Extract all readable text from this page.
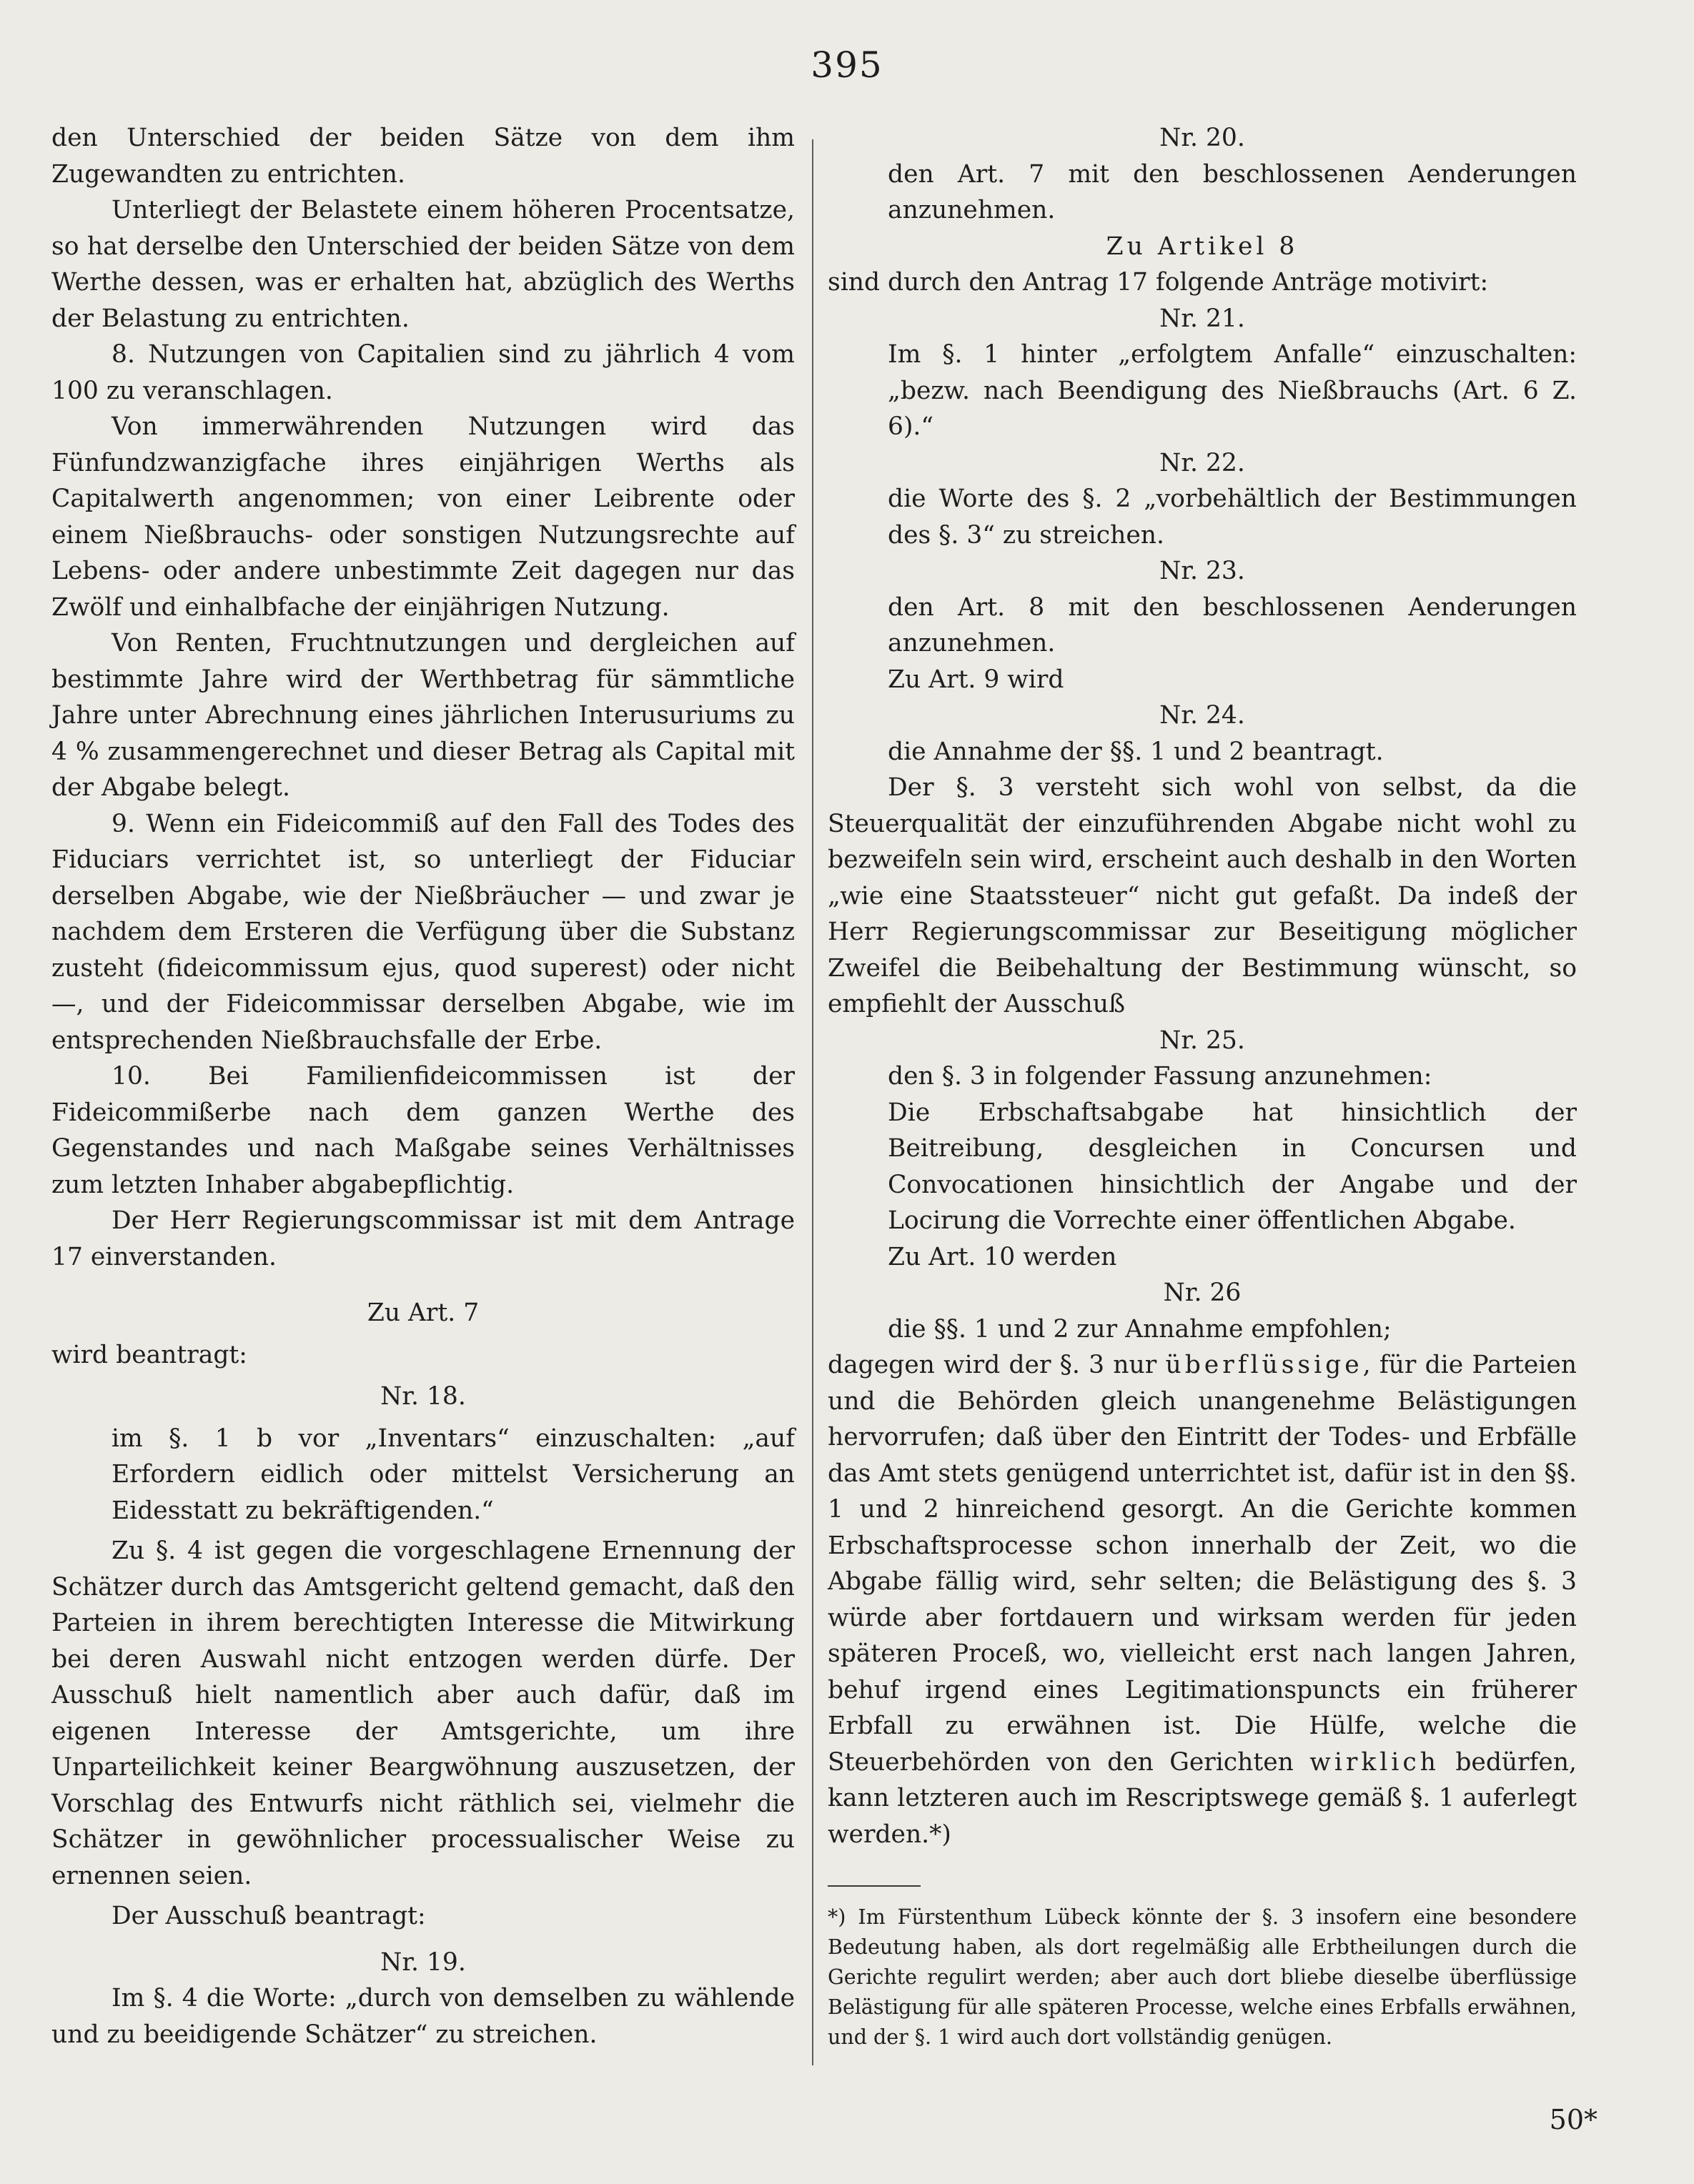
395

den Unterschied der beiden Sätze von dem ihm Zugewandten zu entrichten.

Unterliegt der Belastete einem höheren Procentsatze, so hat derselbe den Unterschied der beiden Sätze von dem Werthe dessen, was er erhalten hat, abzüglich des Werths der Belastung zu entrichten.

8. Nutzungen von Capitalien sind zu jährlich 4 vom 100 zu veranschlagen.

Von immerwährenden Nutzungen wird das Fünfundzwanzigfache ihres einjährigen Werths als Capitalwerth angenommen; von einer Leibrente oder einem Nießbrauchs- oder sonstigen Nutzungsrechte auf Lebens- oder andere unbestimmte Zeit dagegen nur das Zwölf und einhalbfache der einjährigen Nutzung.

Von Renten, Fruchtnutzungen und dergleichen auf bestimmte Jahre wird der Werthbetrag für sämmtliche Jahre unter Abrechnung eines jährlichen Interusuriums zu 4 % zusammengerechnet und dieser Betrag als Capital mit der Abgabe belegt.

9. Wenn ein Fideicommiß auf den Fall des Todes des Fiduciars verrichtet ist, so unterliegt der Fiduciar derselben Abgabe, wie der Nießbräucher — und zwar je nachdem dem Ersteren die Verfügung über die Substanz zusteht (fideicommissum ejus, quod superest) oder nicht —, und der Fideicommissar derselben Abgabe, wie im entsprechenden Nießbrauchsfalle der Erbe.

10. Bei Familienfideicommissen ist der Fideicommißerbe nach dem ganzen Werthe des Gegenstandes und nach Maßgabe seines Verhältnisses zum letzten Inhaber abgabepflichtig.

Der Herr Regierungscommissar ist mit dem Antrage 17 einverstanden.

Zu Art. 7

wird beantragt:

Nr. 18.

im §. 1 b vor „Inventars“ einzuschalten: „auf Erfordern eidlich oder mittelst Versicherung an Eidesstatt zu bekräftigenden.“

Zu §. 4 ist gegen die vorgeschlagene Ernennung der Schätzer durch das Amtsgericht geltend gemacht, daß den Parteien in ihrem berechtigten Interesse die Mitwirkung bei deren Auswahl nicht entzogen werden dürfe. Der Ausschuß hielt namentlich aber auch dafür, daß im eigenen Interesse der Amtsgerichte, um ihre Unparteilichkeit keiner Beargwöhnung auszusetzen, der Vorschlag des Entwurfs nicht räthlich sei, vielmehr die Schätzer in gewöhnlicher processualischer Weise zu ernennen seien.

Der Ausschuß beantragt:

Nr. 19.

Im §. 4 die Worte: „durch von demselben zu wählende und zu beeidigende Schätzer“ zu streichen.

Nr. 20.

den Art. 7 mit den beschlossenen Aenderungen anzunehmen.

Zu Artikel 8

sind durch den Antrag 17 folgende Anträge motivirt:

Nr. 21.

Im §. 1 hinter „erfolgtem Anfalle“ einzuschalten: „bezw. nach Beendigung des Nießbrauchs (Art. 6 Z. 6).“

Nr. 22.

die Worte des §. 2 „vorbehältlich der Bestimmungen des §. 3“ zu streichen.

Nr. 23.

den Art. 8 mit den beschlossenen Aenderungen anzunehmen.

Zu Art. 9 wird

Nr. 24.

die Annahme der §§. 1 und 2 beantragt.

Der §. 3 versteht sich wohl von selbst, da die Steuerqualität der einzuführenden Abgabe nicht wohl zu bezweifeln sein wird, erscheint auch deshalb in den Worten „wie eine Staatssteuer“ nicht gut gefaßt. Da indeß der Herr Regierungscommissar zur Beseitigung möglicher Zweifel die Beibehaltung der Bestimmung wünscht, so empfiehlt der Ausschuß

Nr. 25.

den §. 3 in folgender Fassung anzunehmen:

Die Erbschaftsabgabe hat hinsichtlich der Beitreibung, desgleichen in Concursen und Convocationen hinsichtlich der Angabe und der Locirung die Vorrechte einer öffentlichen Abgabe.

Zu Art. 10 werden

Nr. 26

die §§. 1 und 2 zur Annahme empfohlen;

dagegen wird der §. 3 nur überflüssige, für die Parteien und die Behörden gleich unangenehme Belästigungen hervorrufen; daß über den Eintritt der Todes- und Erbfälle das Amt stets genügend unterrichtet ist, dafür ist in den §§. 1 und 2 hinreichend gesorgt. An die Gerichte kommen Erbschaftsprocesse schon innerhalb der Zeit, wo die Abgabe fällig wird, sehr selten; die Belästigung des §. 3 würde aber fortdauern und wirksam werden für jeden späteren Proceß, wo, vielleicht erst nach langen Jahren, behuf irgend eines Legitimationspuncts ein früherer Erbfall zu erwähnen ist. Die Hülfe, welche die Steuerbehörden von den Gerichten wirklich bedürfen, kann letzteren auch im Rescriptswege gemäß §. 1 auferlegt werden.*)

*) Im Fürstenthum Lübeck könnte der §. 3 insofern eine besondere Bedeutung haben, als dort regelmäßig alle Erbtheilungen durch die Gerichte regulirt werden; aber auch dort bliebe dieselbe überflüssige Belästigung für alle späteren Processe, welche eines Erbfalls erwähnen, und der §. 1 wird auch dort vollständig genügen.

50*
